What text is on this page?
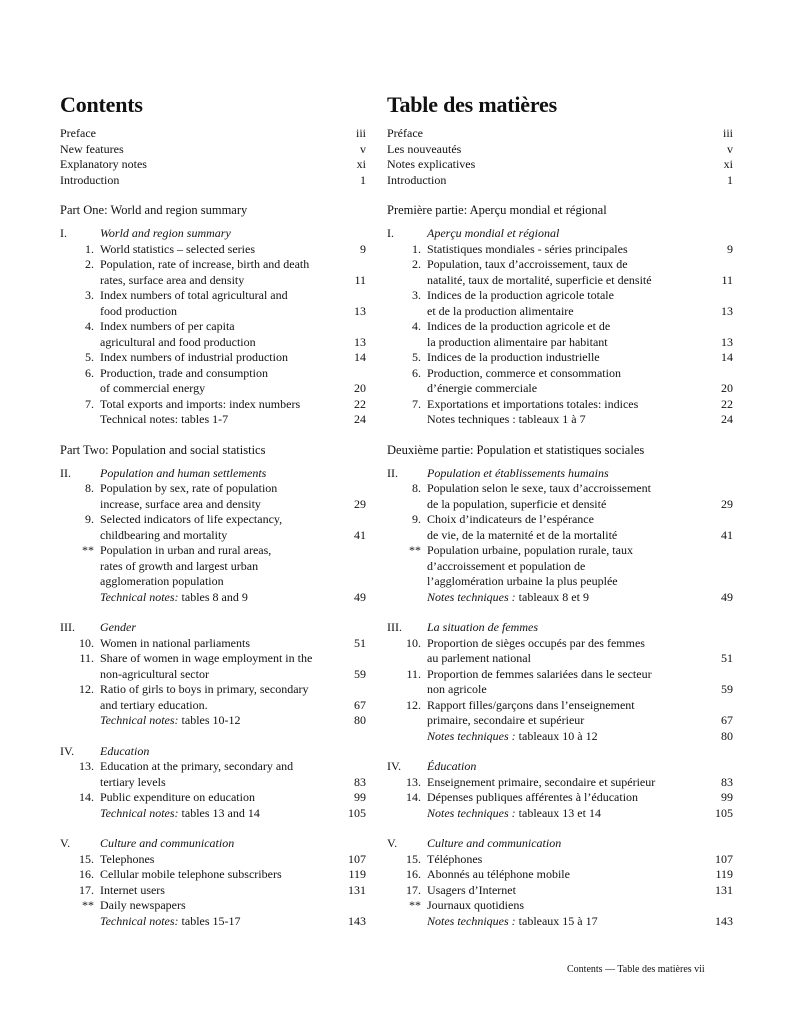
Contents
Preface	iii
New features	v
Explanatory notes	xi
Introduction	1
Part One: World and region summary
I.	World and region summary
1. World statistics – selected series	9
2. Population, rate of increase, birth and death
rates, surface area and density	11
3. Index numbers of total agricultural and
food production	13
4. Index numbers of per capita
agricultural and food production	13
5. Index numbers of industrial production	14
6. Production, trade and consumption
of commercial energy	20
7. Total exports and imports: index numbers	22
Technical notes: tables 1-7	24
Part Two: Population and social statistics
II.	Population and human settlements
8. Population by sex, rate of population
increase, surface area and density	29
9. Selected indicators of life expectancy,
childbearing and mortality	41
** Population in urban and rural areas,
rates of growth and largest urban
agglomeration population
Technical notes: tables 8 and 9	49
III.	Gender
10. Women in national parliaments	51
11. Share of women in wage employment in the
non-agricultural sector	59
12. Ratio of girls to boys in primary, secondary
and tertiary education.	67
Technical notes: tables 10-12	80
IV.	Education
13. Education at the primary, secondary and
tertiary levels	83
14. Public expenditure on education	99
Technical notes: tables 13 and 14	105
V.	Culture and communication
15. Telephones	107
16. Cellular mobile telephone subscribers	119
17. Internet users	131
** Daily newspapers
Technical notes: tables 15-17	143
Table des matières
Préface	iii
Les nouveautés	v
Notes explicatives	xi
Introduction	1
Première partie: Aperçu mondial et régional
I.	Aperçu mondial et régional
1. Statistiques mondiales - séries principales	9
2. Population, taux d’accroissement, taux de
natalité, taux de mortalité, superficie et densité	11
3. Indices de la production agricole totale
et de la production alimentaire	13
4. Indices de la production agricole et de
la production alimentaire par habitant	13
5. Indices de la production industrielle	14
6. Production, commerce et consommation
d’énergie commerciale	20
7. Exportations et importations totales: indices	22
Notes techniques : tableaux 1 à 7	24
Deuxième partie: Population et statistiques sociales
II.	Population et établissements humains
8. Population selon le sexe, taux d’accroissement
de la population, superficie et densité	29
9. Choix d’indicateurs de l’espérance
de vie, de la maternité et de la mortalité	41
** Population urbaine, population rurale, taux
d’accroissement et population de
l’agglomération urbaine la plus peuplée
Notes techniques : tableaux 8 et 9	49
III.	La situation de femmes
10. Proportion de sièges occupés par des femmes
au parlement national	51
11. Proportion de femmes salariées dans le secteur
non agricole	59
12. Rapport filles/garçons dans l’enseignement
primaire, secondaire et supérieur	67
Notes techniques : tableaux 10 à 12	80
IV.	Éducation
13. Enseignement primaire, secondaire et supérieur	83
14. Dépenses publiques afférentes à l’éducation	99
Notes techniques : tableaux 13 et 14	105
V.	Culture and communication
15. Téléphones	107
16. Abonnés au téléphone mobile	119
17. Usagers d’Internet	131
** Journaux quotidiens
Notes techniques : tableaux 15 à 17	143
Contents — Table des matières vii
